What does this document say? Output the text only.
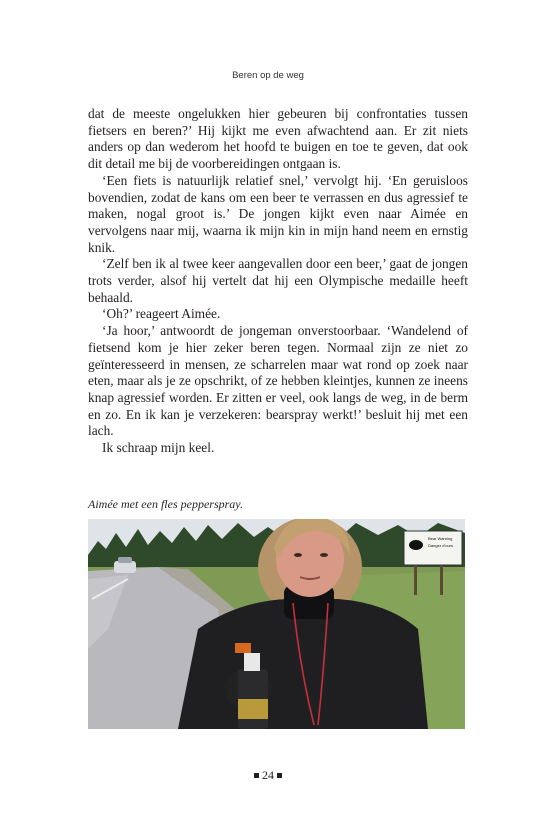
Beren op de weg

dat de meeste ongelukken hier gebeuren bij confrontaties tussen fietsers en beren?’ Hij kijkt me even afwachtend aan. Er zit niets anders op dan wederom het hoofd te buigen en toe te geven, dat ook dit detail me bij de voorbereidingen ontgaan is.

‘Een fiets is natuurlijk relatief snel,’ vervolgt hij. ‘En geruisloos bovendien, zodat de kans om een beer te verrassen en dus agressief te maken, nogal groot is.’ De jongen kijkt even naar Aimée en vervolgens naar mij, waarna ik mijn kin in mijn hand neem en ernstig knik.

‘Zelf ben ik al twee keer aangevallen door een beer,’ gaat de jongen trots verder, alsof hij vertelt dat hij een Olympische medaille heeft behaald.

‘Oh?’ reageert Aimée.

‘Ja hoor,’ antwoordt de jongeman onverstoorbaar. ‘Wandelend of fietsend kom je hier zeker beren tegen. Normaal zijn ze niet zo geïnteresseerd in mensen, ze scharrelen maar wat rond op zoek naar eten, maar als je ze opschrikt, of ze hebben kleintjes, kunnen ze ineens knap agressief worden. Er zitten er veel, ook langs de weg, in de berm en zo. En ik kan je verzekeren: bearspray werkt!’ besluit hij met een lach.

Ik schraap mijn keel.

Aimée met een fles pepperspray.
Bear Warning
Danger d'ours
24
